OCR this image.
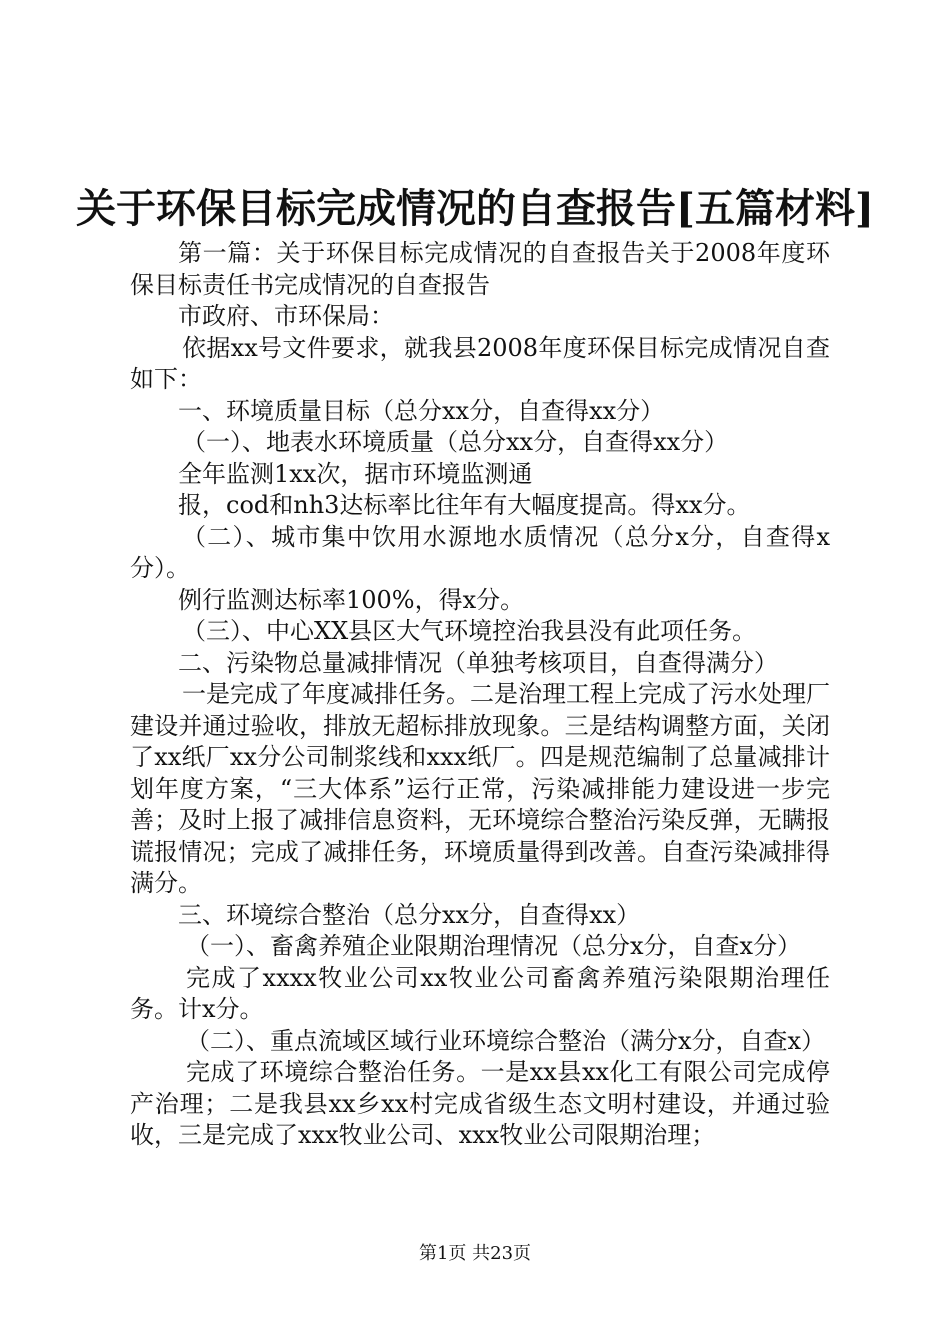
关于环保目标完成情况的自查报告[五篇材料]

第一篇：关于环保目标完成情况的自查报告关于2008年度环保目标责任书完成情况的自查报告

市政府、市环保局：

依据xx号文件要求，就我县2008年度环保目标完成情况自查如下：

一、环境质量目标（总分xx分，自查得xx分）

（一）、地表水环境质量（总分xx分，自查得xx分）

全年监测1xx次，据市环境监测通

报，cod和nh3达标率比往年有大幅度提高。得xx分。

（二）、城市集中饮用水源地水质情况（总分x分，自查得x分）。

例行监测达标率100%，得x分。

（三）、中心XX县区大气环境控治我县没有此项任务。

二、污染物总量减排情况（单独考核项目，自查得满分）

一是完成了年度减排任务。二是治理工程上完成了污水处理厂建设并通过验收，排放无超标排放现象。三是结构调整方面，关闭了xx纸厂xx分公司制浆线和xxx纸厂。四是规范编制了总量减排计划年度方案，“三大体系”运行正常，污染减排能力建设进一步完善；及时上报了减排信息资料，无环境综合整治污染反弹，无瞒报谎报情况；完成了减排任务，环境质量得到改善。自查污染减排得满分。

三、环境综合整治（总分xx分，自查得xx）

（一）、畜禽养殖企业限期治理情况（总分x分，自查x分）

完成了xxxx牧业公司xx牧业公司畜禽养殖污染限期治理任务。计x分。

（二）、重点流域区域行业环境综合整治（满分x分，自查x）

完成了环境综合整治任务。一是xx县xx化工有限公司完成停产治理；二是我县xx乡xx村完成省级生态文明村建设，并通过验收，三是完成了xxx牧业公司、xxx牧业公司限期治理；

第1页 共23页
